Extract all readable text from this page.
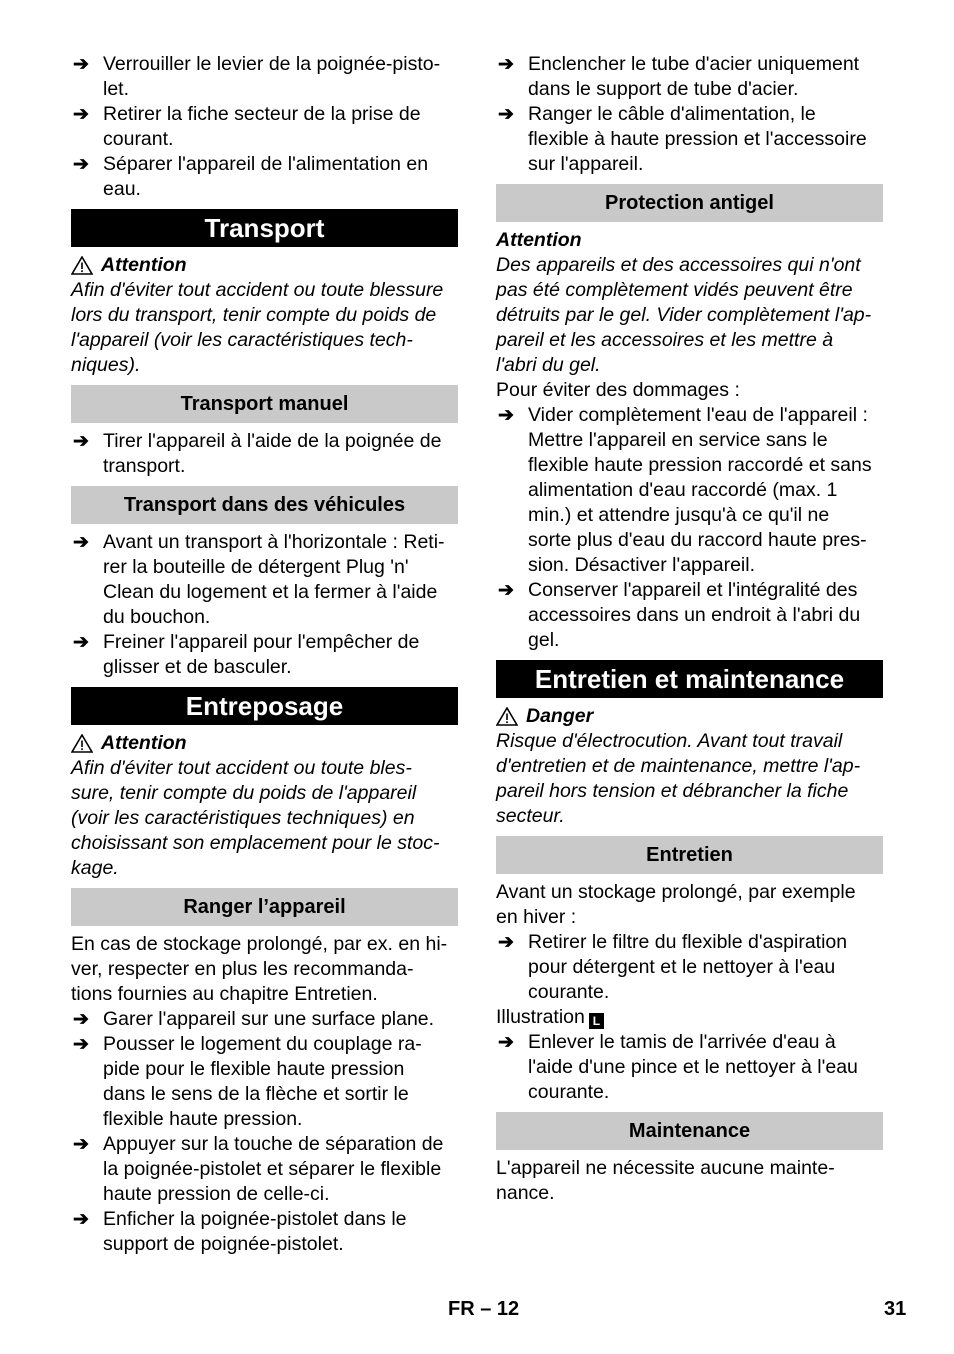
➔ Verrouiller le levier de la poignée-pisto-
let.

➔ Retirer la fiche secteur de la prise de
courant.

➔ Séparer l'appareil de l'alimentation en
eau.

Transport
Attention

Afin d'éviter tout accident ou toute blessure
lors du transport, tenir compte du poids de
l'appareil (voir les caractéristiques tech-
niques).

Transport manuel
➔ Tirer l'appareil à l'aide de la poignée de
transport.

Transport dans des véhicules
➔ Avant un transport à l'horizontale : Reti-
rer la bouteille de détergent Plug 'n'
Clean du logement et la fermer à l'aide
du bouchon.

➔ Freiner l'appareil pour l'empêcher de
glisser et de basculer.

Entreposage
Attention

Afin d'éviter tout accident ou toute bles-
sure, tenir compte du poids de l'appareil
(voir les caractéristiques techniques) en
choisissant son emplacement pour le stoc-
kage.

Ranger l’appareil

En cas de stockage prolongé, par ex. en hi-
ver, respecter en plus les recommanda-
tions fournies au chapitre Entretien.

➔ Garer l'appareil sur une surface plane.

➔ Pousser le logement du couplage ra-
pide pour le flexible haute pression
dans le sens de la flèche et sortir le
flexible haute pression.

➔ Appuyer sur la touche de séparation de
la poignée-pistolet et séparer le flexible
haute pression de celle-ci.

➔ Enficher la poignée-pistolet dans le
support de poignée-pistolet.

➔ Enclencher le tube d'acier uniquement
dans le support de tube d'acier.

➔ Ranger le câble d'alimentation, le
flexible à haute pression et l'accessoire
sur l'appareil.

Protection antigel
Attention

Des appareils et des accessoires qui n'ont
pas été complètement vidés peuvent être
détruits par le gel. Vider complètement l'ap-
pareil et les accessoires et les mettre à
l'abri du gel.

Pour éviter des dommages :

➔ Vider complètement l'eau de l'appareil :
Mettre l'appareil en service sans le
flexible haute pression raccordé et sans
alimentation d'eau raccordé (max. 1
min.) et attendre jusqu'à ce qu'il ne
sorte plus d'eau du raccord haute pres-
sion. Désactiver l'appareil.

➔ Conserver l'appareil et l'intégralité des
accessoires dans un endroit à l'abri du
gel.

Entretien et maintenance
Danger

Risque d'électrocution. Avant tout travail
d'entretien et de maintenance, mettre l'ap-
pareil hors tension et débrancher la fiche
secteur.

Entretien

Avant un stockage prolongé, par exemple
en hiver :

➔ Retirer le filtre du flexible d'aspiration
pour détergent et le nettoyer à l'eau
courante.

Illustration L

➔ Enlever le tamis de l'arrivée d'eau à
l'aide d'une pince et le nettoyer à l'eau
courante.

Maintenance

L'appareil ne nécessite aucune mainte-
nance.

FR – 12	31
